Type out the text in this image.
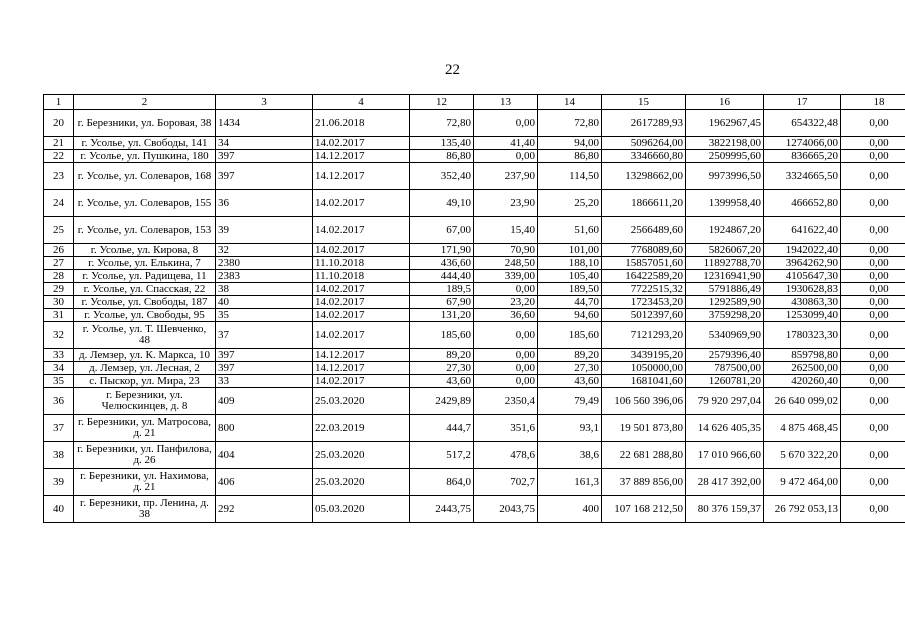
22
1	2	3	4	12	13	14	15	16	17	18
20	г. Березники, ул. Боровая, 38	1434	21.06.2018	72,80	0,00	72,80	2617289,93	1962967,45	654322,48	0,00
21	г. Усолье, ул. Свободы, 141	34	14.02.2017	135,40	41,40	94,00	5096264,00	3822198,00	1274066,00	0,00
22	г. Усолье, ул. Пушкина, 180	397	14.12.2017	86,80	0,00	86,80	3346660,80	2509995,60	836665,20	0,00
23	г. Усолье, ул. Солеваров, 168	397	14.12.2017	352,40	237,90	114,50	13298662,00	9973996,50	3324665,50	0,00
24	г. Усолье, ул. Солеваров, 155	36	14.02.2017	49,10	23,90	25,20	1866611,20	1399958,40	466652,80	0,00
25	г. Усолье, ул. Солеваров, 153	39	14.02.2017	67,00	15,40	51,60	2566489,60	1924867,20	641622,40	0,00
26	г. Усолье, ул. Кирова, 8	32	14.02.2017	171,90	70,90	101,00	7768089,60	5826067,20	1942022,40	0,00
27	г. Усолье, ул. Елькина, 7	2380	11.10.2018	436,60	248,50	188,10	15857051,60	11892788,70	3964262,90	0,00
28	г. Усолье, ул. Радищева, 11	2383	11.10.2018	444,40	339,00	105,40	16422589,20	12316941,90	4105647,30	0,00
29	г. Усолье, ул. Спасская, 22	38	14.02.2017	189,5	0,00	189,50	7722515,32	5791886,49	1930628,83	0,00
30	г. Усолье, ул. Свободы, 187	40	14.02.2017	67,90	23,20	44,70	1723453,20	1292589,90	430863,30	0,00
31	г. Усолье, ул. Свободы, 95	35	14.02.2017	131,20	36,60	94,60	5012397,60	3759298,20	1253099,40	0,00
32	г. Усолье, ул. Т. Шевченко, 48	37	14.02.2017	185,60	0,00	185,60	7121293,20	5340969,90	1780323,30	0,00
33	д. Лемзер, ул. К. Маркса, 10	397	14.12.2017	89,20	0,00	89,20	3439195,20	2579396,40	859798,80	0,00
34	д. Лемзер, ул. Лесная, 2	397	14.12.2017	27,30	0,00	27,30	1050000,00	787500,00	262500,00	0,00
35	с. Пыскор, ул. Мира, 23	33	14.02.2017	43,60	0,00	43,60	1681041,60	1260781,20	420260,40	0,00
36	г. Березники, ул. Челюскинцев, д. 8	409	25.03.2020	2429,89	2350,4	79,49	106 560 396,06	79 920 297,04	26 640 099,02	0,00
37	г. Березники, ул. Матросова, д. 21	800	22.03.2019	444,7	351,6	93,1	19 501 873,80	14 626 405,35	4 875 468,45	0,00
38	г. Березники, ул. Панфилова, д. 26	404	25.03.2020	517,2	478,6	38,6	22 681 288,80	17 010 966,60	5 670 322,20	0,00
39	г. Березники, ул. Нахимова, д. 21	406	25.03.2020	864,0	702,7	161,3	37 889 856,00	28 417 392,00	9 472 464,00	0,00
40	г. Березники, пр. Ленина, д. 38	292	05.03.2020	2443,75	2043,75	400	107 168 212,50	80 376 159,37	26 792 053,13	0,00
